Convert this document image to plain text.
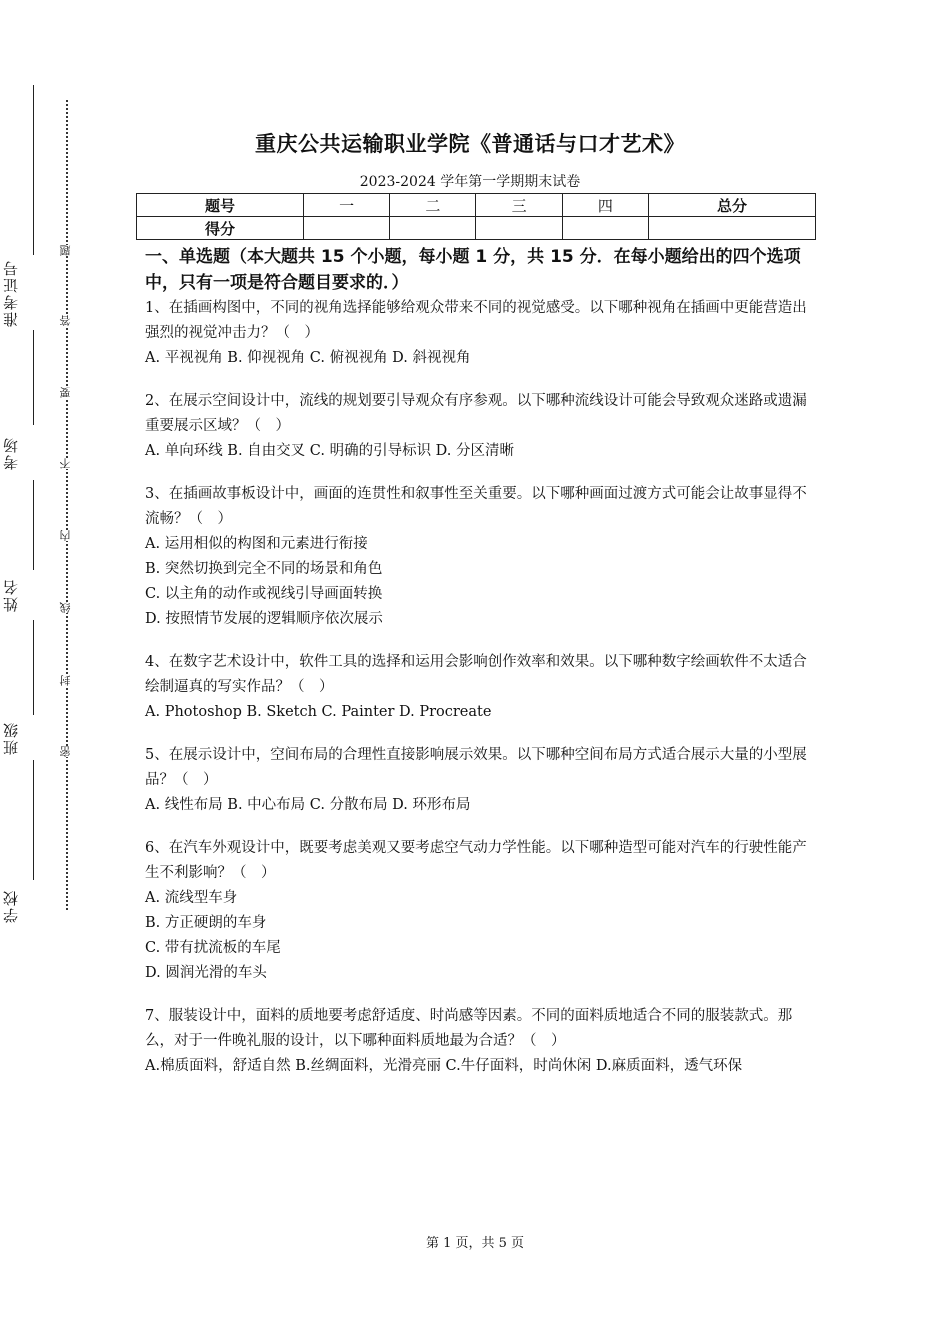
准考证号
考场
姓名
班级
学校
题
答
要
不
内
线
封
密
重庆公共运输职业学院《普通话与口才艺术》
2023-2024 学年第一学期期末试卷
题号	一	二	三	四	总分
得分					
一、单选题（本大题共 15 个小题，每小题 1 分，共 15 分．在每小题给出的四个选项中，只有一项是符合题目要求的．）
1、在插画构图中，不同的视角选择能够给观众带来不同的视觉感受。以下哪种视角在插画中更能营造出强烈的视觉冲击力？（　）
A. 平视视角 B. 仰视视角 C. 俯视视角 D. 斜视视角
2、在展示空间设计中，流线的规划要引导观众有序参观。以下哪种流线设计可能会导致观众迷路或遗漏重要展示区域？（　）
A. 单向环线 B. 自由交叉 C. 明确的引导标识 D. 分区清晰
3、在插画故事板设计中，画面的连贯性和叙事性至关重要。以下哪种画面过渡方式可能会让故事显得不流畅？（　）
A. 运用相似的构图和元素进行衔接
B. 突然切换到完全不同的场景和角色
C. 以主角的动作或视线引导画面转换
D. 按照情节发展的逻辑顺序依次展示
4、在数字艺术设计中，软件工具的选择和运用会影响创作效率和效果。以下哪种数字绘画软件不太适合绘制逼真的写实作品？（　）
A. Photoshop B. Sketch C. Painter D. Procreate
5、在展示设计中，空间布局的合理性直接影响展示效果。以下哪种空间布局方式适合展示大量的小型展品？（　）
A. 线性布局 B. 中心布局 C. 分散布局 D. 环形布局
6、在汽车外观设计中，既要考虑美观又要考虑空气动力学性能。以下哪种造型可能对汽车的行驶性能产生不利影响？（　）
A. 流线型车身
B. 方正硬朗的车身
C. 带有扰流板的车尾
D. 圆润光滑的车头
7、服装设计中，面料的质地要考虑舒适度、时尚感等因素。不同的面料质地适合不同的服装款式。那么，对于一件晚礼服的设计，以下哪种面料质地最为合适？（　）
A.棉质面料，舒适自然 B.丝绸面料，光滑亮丽 C.牛仔面料，时尚休闲 D.麻质面料，透气环保
第 1 页，共 5 页
